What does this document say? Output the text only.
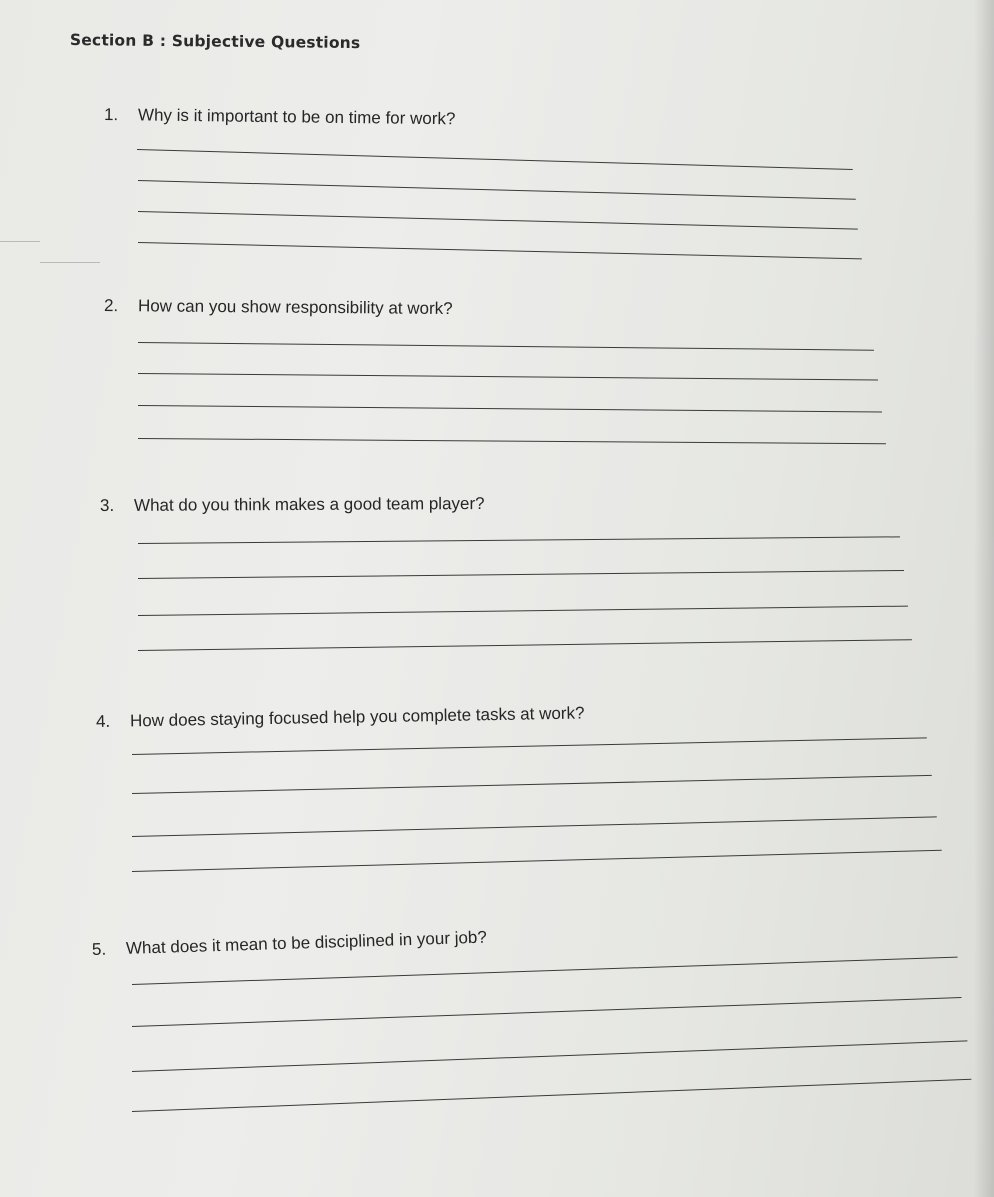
Section B : Subjective Questions
1. Why is it important to be on time for work?
2. How can you show responsibility at work?
3. What do you think makes a good team player?
4. How does staying focused help you complete tasks at work?
5. What does it mean to be disciplined in your job?
